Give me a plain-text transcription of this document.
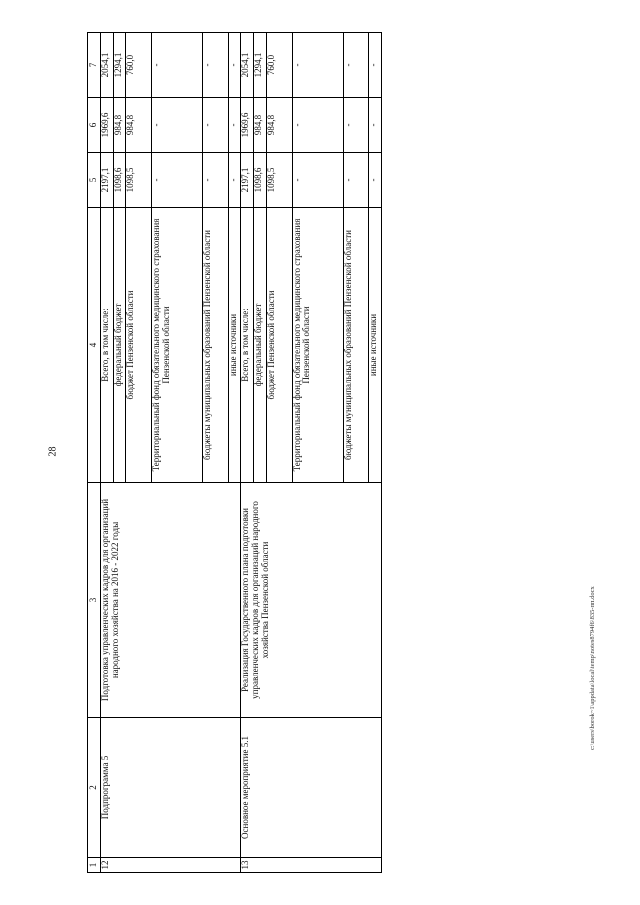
28
1	2	3	4	5	6	7
12	Подпрограмма 5	Подготовка управленческих кадров для организаций народного хозяйства на 2016 - 2022 годы	Всего, в том числе:	2197,1	1969,6	2054,1
			федеральный бюджет	1098,6	984,8	1294,1
			бюджет Пензенской области	1098,5	984,8	760,0
			Территориальный фонд обязательного медицинского страхования Пензенской области	-	-	-
			бюджеты муниципальных образований Пензенской области	-	-	-
			иные источники	-	-	-
13	Основное мероприятие 5.1	Реализация Государственного плана подготовки управленческих кадров для организаций народного хозяйства Пензенской области	Всего, в том числе:	2197,1	1969,6	2054,1
			федеральный бюджет	1098,6	984,8	1294,1
			бюджет Пензенской области	1098,5	984,8	760,0
			Территориальный фонд обязательного медицинского страхования Пензенской области	-	-	-
			бюджеты муниципальных образований Пензенской области	-	-	-
			иные источники	-	-	-
c:\users\borok~1\appdata\local\temp\notes8794f6\835-пп.docx
